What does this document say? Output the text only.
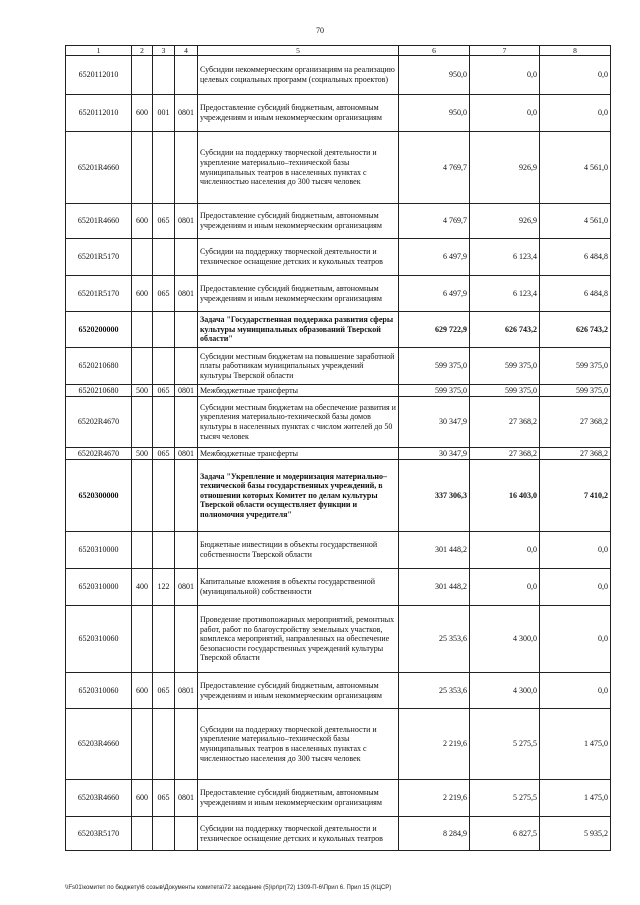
70
1	2	3	4	5	6	7	8
6520112010				Субсидии некоммерческим организациям на реализацию целевых социальных программ (социальных проектов)	950,0	0,0	0,0
6520112010	600	001	0801	Предоставление субсидий бюджетным, автономным учреждениям и иным некоммерческим организациям	950,0	0,0	0,0
65201R4660				Субсидии на поддержку творческой деятельности и укрепление материально–технической базы муниципальных театров в населенных пунктах с численностью населения до 300 тысяч человек	4 769,7	926,9	4 561,0
65201R4660	600	065	0801	Предоставление субсидий бюджетным, автономным учреждениям и иным некоммерческим организациям	4 769,7	926,9	4 561,0
65201R5170				Субсидии на поддержку творческой деятельности и техническое оснащение детских и кукольных театров	6 497,9	6 123,4	6 484,8
65201R5170	600	065	0801	Предоставление субсидий бюджетным, автономным учреждениям и иным некоммерческим организациям	6 497,9	6 123,4	6 484,8
6520200000				Задача "Государственная поддержка развития сферы культуры муниципальных образований Тверской области"	629 722,9	626 743,2	626 743,2
6520210680				Субсидии местным бюджетам на повышение заработной платы работникам муниципальных учреждений культуры Тверской области	599 375,0	599 375,0	599 375,0
6520210680	500	065	0801	Межбюджетные трансферты	599 375,0	599 375,0	599 375,0
65202R4670				Субсидии местным бюджетам на обеспечение развития и укрепления материально-технической базы домов культуры в населенных пунктах с числом жителей до 50 тысяч человек	30 347,9	27 368,2	27 368,2
65202R4670	500	065	0801	Межбюджетные трансферты	30 347,9	27 368,2	27 368,2
6520300000				Задача "Укрепление и модернизация материально–технической базы государственных учреждений, в отношении которых Комитет по делам культуры Тверской области осуществляет функции и полномочия учредителя"	337 306,3	16 403,0	7 410,2
6520310000				Бюджетные инвестиции в объекты государственной собственности Тверской области	301 448,2	0,0	0,0
6520310000	400	122	0801	Капитальные вложения в объекты государственной (муниципальной) собственности	301 448,2	0,0	0,0
6520310060				Проведение противопожарных мероприятий, ремонтных работ, работ по благоустройству земельных участков, комплекса мероприятий, направленных на обеспечение безопасности государственных учреждений культуры Тверской области	25 353,6	4 300,0	0,0
6520310060	600	065	0801	Предоставление субсидий бюджетным, автономным учреждениям и иным некоммерческим организациям	25 353,6	4 300,0	0,0
65203R4660				Субсидии на поддержку творческой деятельности и укрепление материально–технической базы муниципальных театров в населенных пунктах с численностью населения до 300 тысяч человек	2 219,6	5 275,5	1 475,0
65203R4660	600	065	0801	Предоставление субсидий бюджетным, автономным учреждениям и иным некоммерческим организациям	2 219,6	5 275,5	1 475,0
65203R5170				Субсидии на поддержку творческой деятельности и техническое оснащение детских и кукольных театров	8 284,9	6 827,5	5 935,2
\\Fs01\комитет по бюджету\6 созыв\Документы комитета\72 заседание (5)\pr\pr(72) 1309-П-6\Прил 6. Прил 15 (КЦСР)
